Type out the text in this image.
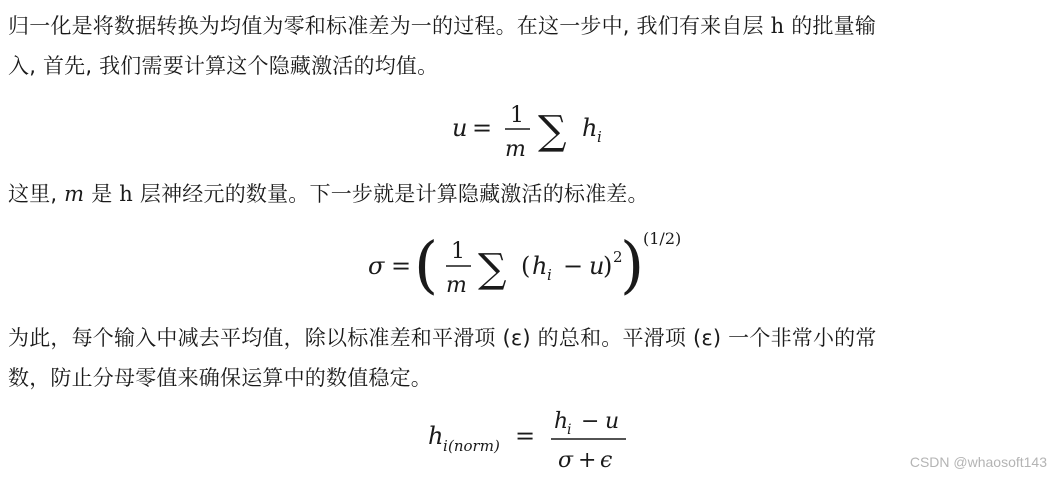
归一化是将数据转换为均值为零和标准差为一的过程。在这一步中, 我们有来自层 h 的批量输
入, 首先, 我们需要计算这个隐藏激活的均值。
u = 1
m ∑ h i
这里, m 是 h 层神经元的数量。下一步就是计算隐藏激活的标准差。
σ = ( 1
m ∑ ( h i − u
) 2
)
(1/2)
为此，每个输入中减去平均值，除以标准差和平滑项 (ε) 的总和。平滑项 (ε) 一个非常小的常
数，防止分母零值来确保运算中的数值稳定。
h i (norm) =
h
i − u
σ + ϵ	CSDN @whaosoft143
